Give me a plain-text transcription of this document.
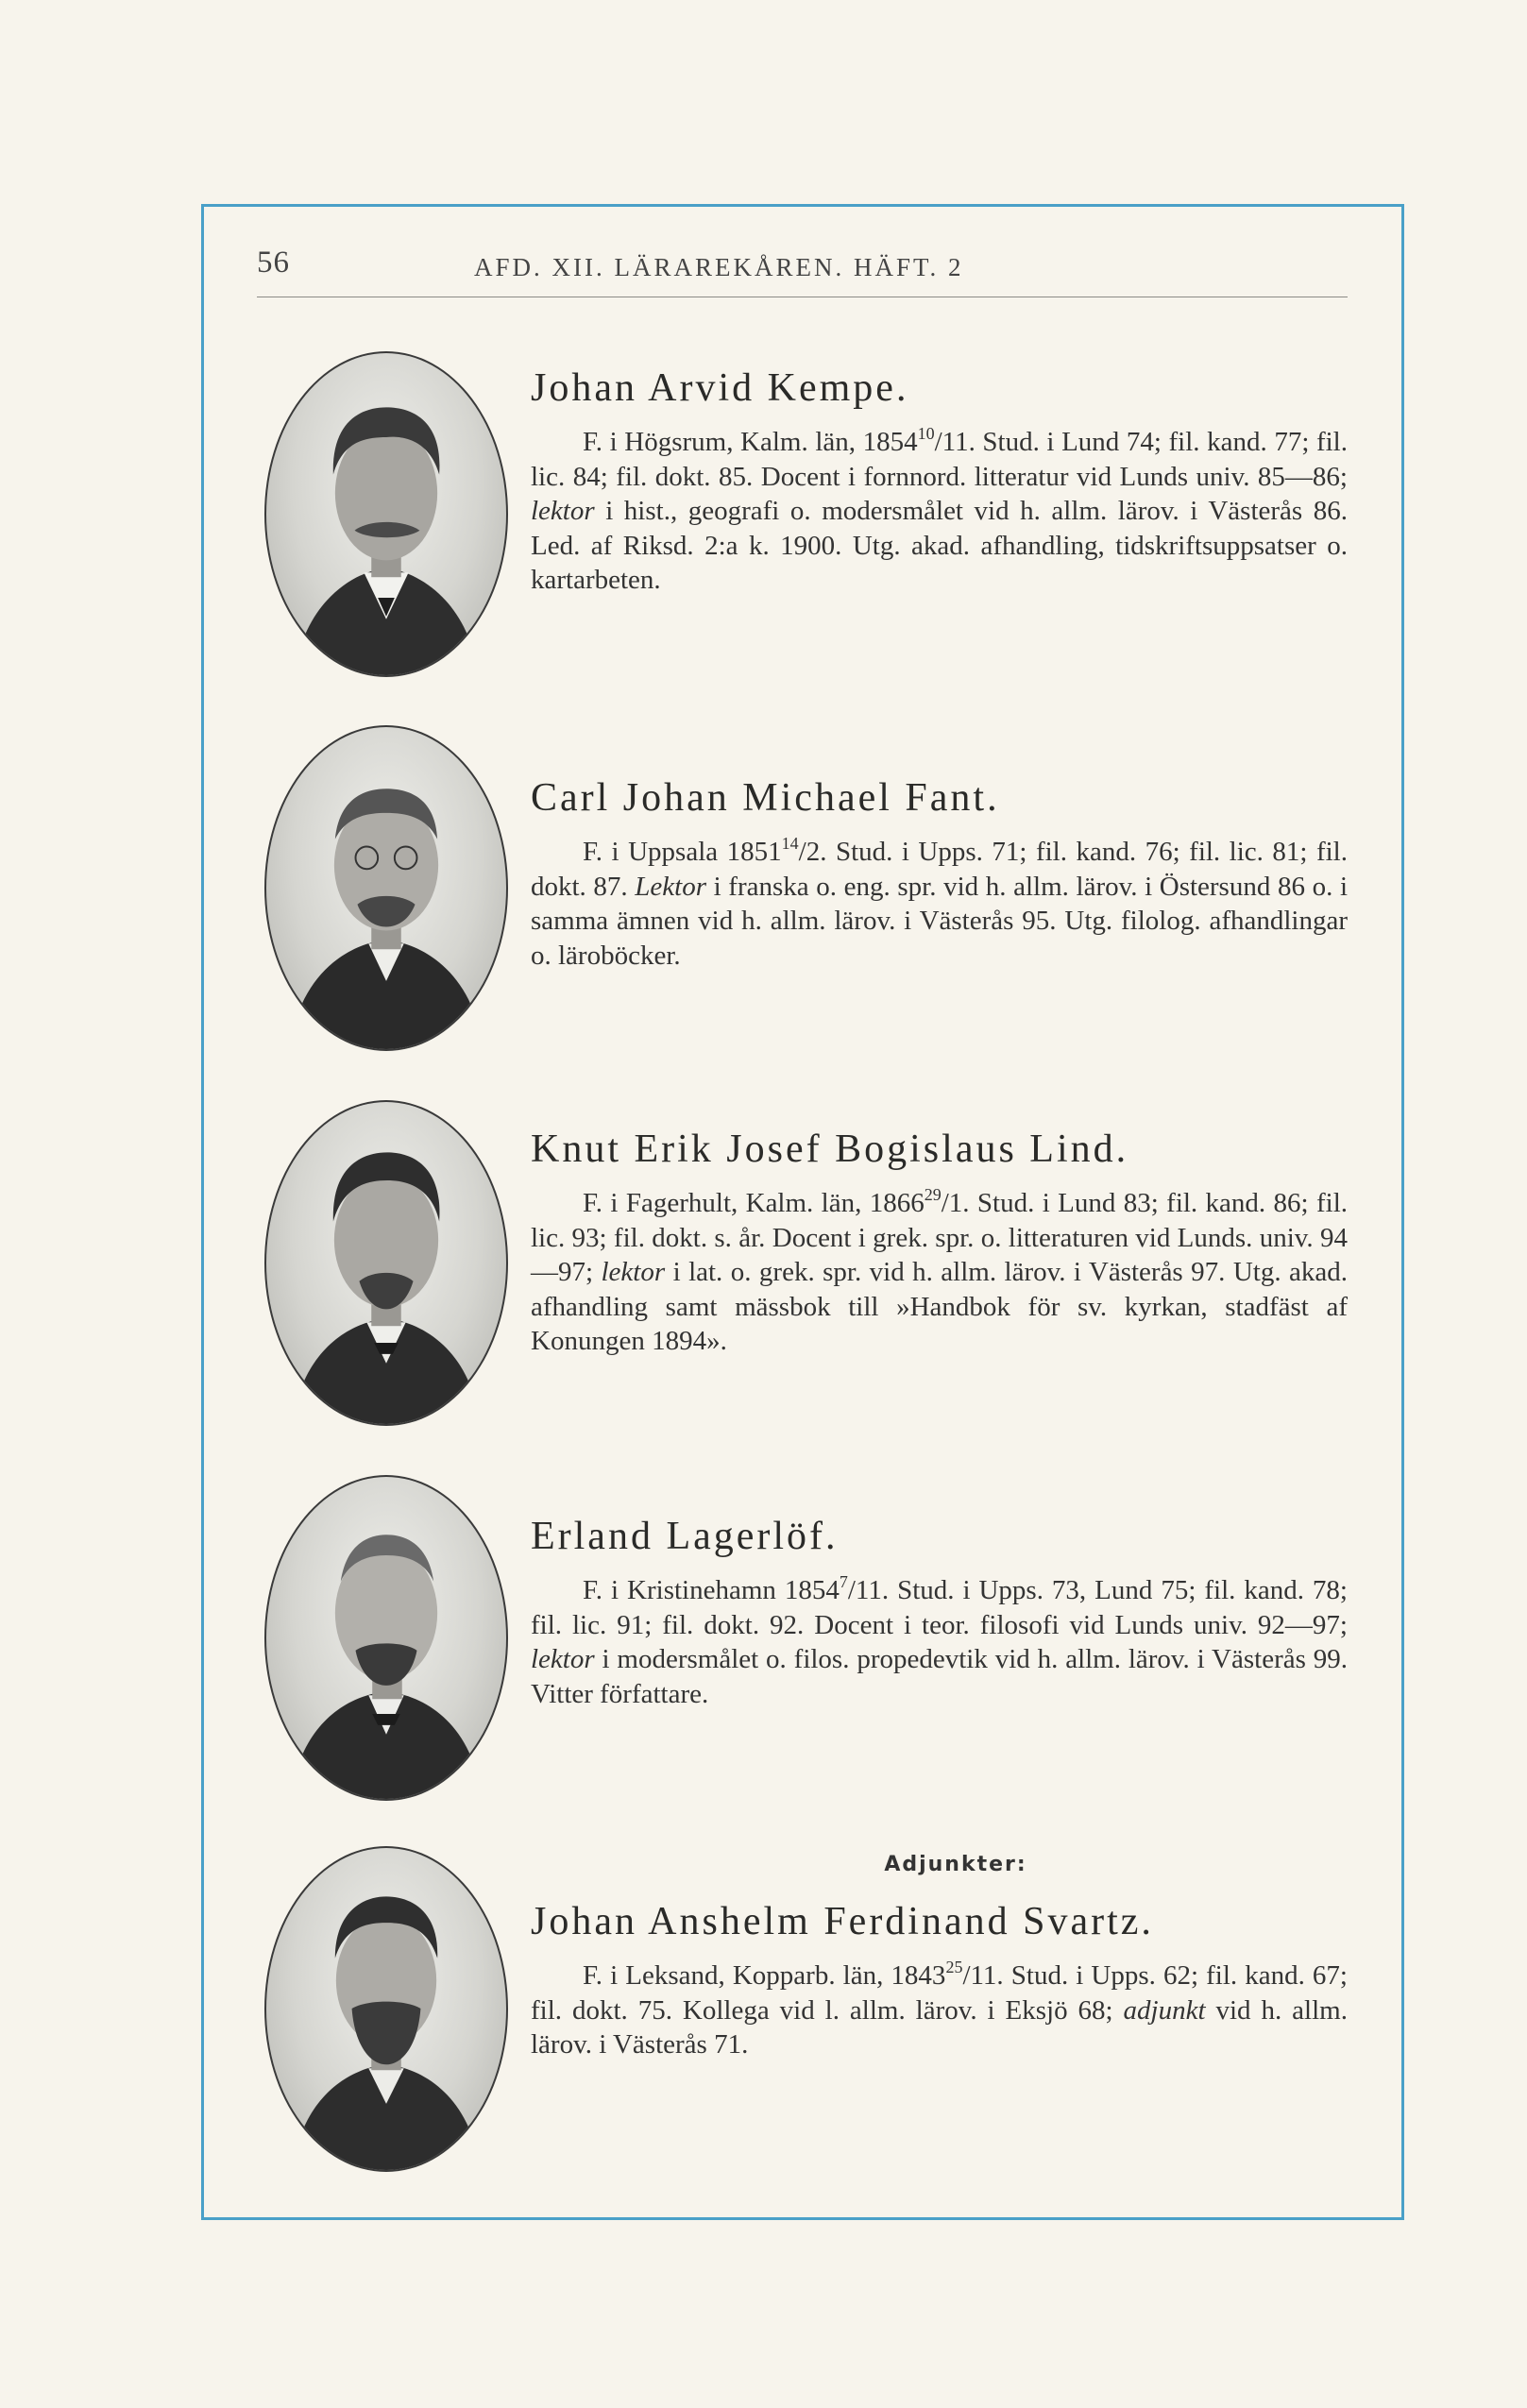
56	AFD. XII. LÄRAREKÅREN. HÄFT. 2
Johan Arvid Kempe.
F. i Högsrum, Kalm. län, 1854$^{10}$/11. Stud. i Lund 74; fil. kand. 77; fil. lic. 84; fil. dokt. 85. Docent i fornnord. litteratur vid Lunds univ. 85—86; lektor i hist., geografi o. modersmålet vid h. allm. lärov. i Västerås 86. Led. af Riksd. 2:a k. 1900. Utg. akad. afhandling, tidskriftsuppsatser o. kartarbeten.
Carl Johan Michael Fant.
F. i Uppsala 1851$^{14}$/2. Stud. i Upps. 71; fil. kand. 76; fil. lic. 81; fil. dokt. 87. Lektor i franska o. eng. spr. vid h. allm. lärov. i Östersund 86 o. i samma ämnen vid h. allm. lärov. i Västerås 95. Utg. filolog. afhandlingar o. läroböcker.
Knut Erik Josef Bogislaus Lind.
F. i Fagerhult, Kalm. län, 1866$^{29}$/1. Stud. i Lund 83; fil. kand. 86; fil. lic. 93; fil. dokt. s. år. Docent i grek. spr. o. litteraturen vid Lunds. univ. 94—97; lektor i lat. o. grek. spr. vid h. allm. lärov. i Västerås 97. Utg. akad. afhandling samt mässbok till »Handbok för sv. kyrkan, stadfäst af Konungen 1894».
Erland Lagerlöf.
F. i Kristinehamn 1854$^7$/11. Stud. i Upps. 73, Lund 75; fil. kand. 78; fil. lic. 91; fil. dokt. 92. Docent i teor. filosofi vid Lunds univ. 92—97; lektor i modersmålet o. filos. propedevtik vid h. allm. lärov. i Västerås 99. Vitter författare.
Adjunkter:
Johan Anshelm Ferdinand Svartz.
F. i Leksand, Kopparb. län, 1843$^{25}$/11. Stud. i Upps. 62; fil. kand. 67; fil. dokt. 75. Kollega vid l. allm. lärov. i Eksjö 68; adjunkt vid h. allm. lärov. i Västerås 71.
